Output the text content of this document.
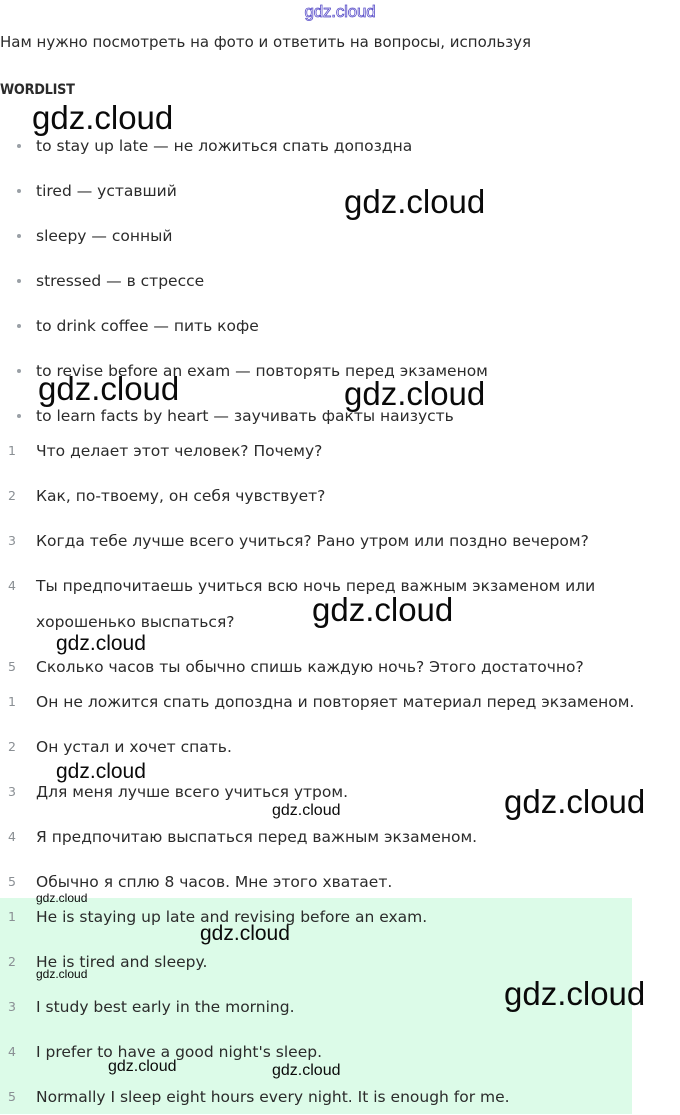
gdz.cloud
Нам нужно посмотреть на фото и ответить на вопросы, используя
WORDLIST
to stay up late — не ложиться спать допоздна
tired — уставший
sleepy — сонный
stressed — в стрессе
to drink coffee — пить кофе
to revise before an exam — повторять перед экзаменом
to learn facts by heart — заучивать факты наизусть
1	Что делает этот человек? Почему?
2	Как, по-твоему, он себя чувствует?
3	Когда тебе лучше всего учиться? Рано утром или поздно вечером?
4	Ты предпочитаешь учиться всю ночь перед важным экзаменом или
хорошенько выспаться?
5	Сколько часов ты обычно спишь каждую ночь? Этого достаточно?
1	Он не ложится спать допоздна и повторяет материал перед экзаменом.
2	Он устал и хочет спать.
3	Для меня лучше всего учиться утром.
4	Я предпочитаю выспаться перед важным экзаменом.
5	Обычно я сплю 8 часов. Мне этого хватает.
1	He is staying up late and revising before an exam.
2	He is tired and sleepy.
3	I study best early in the morning.
4	I prefer to have a good night's sleep.
5	Normally I sleep eight hours every night. It is enough for me.
gdz.cloud
gdz.cloud
gdz.cloud	gdz.cloud
gdz.cloud
gdz.cloud
gdz.cloud
gdz.cloud
gdz.cloud
gdz.cloud
gdz.cloud
gdz.cloud
gdz.cloud
gdz.cloud	gdz.cloud
